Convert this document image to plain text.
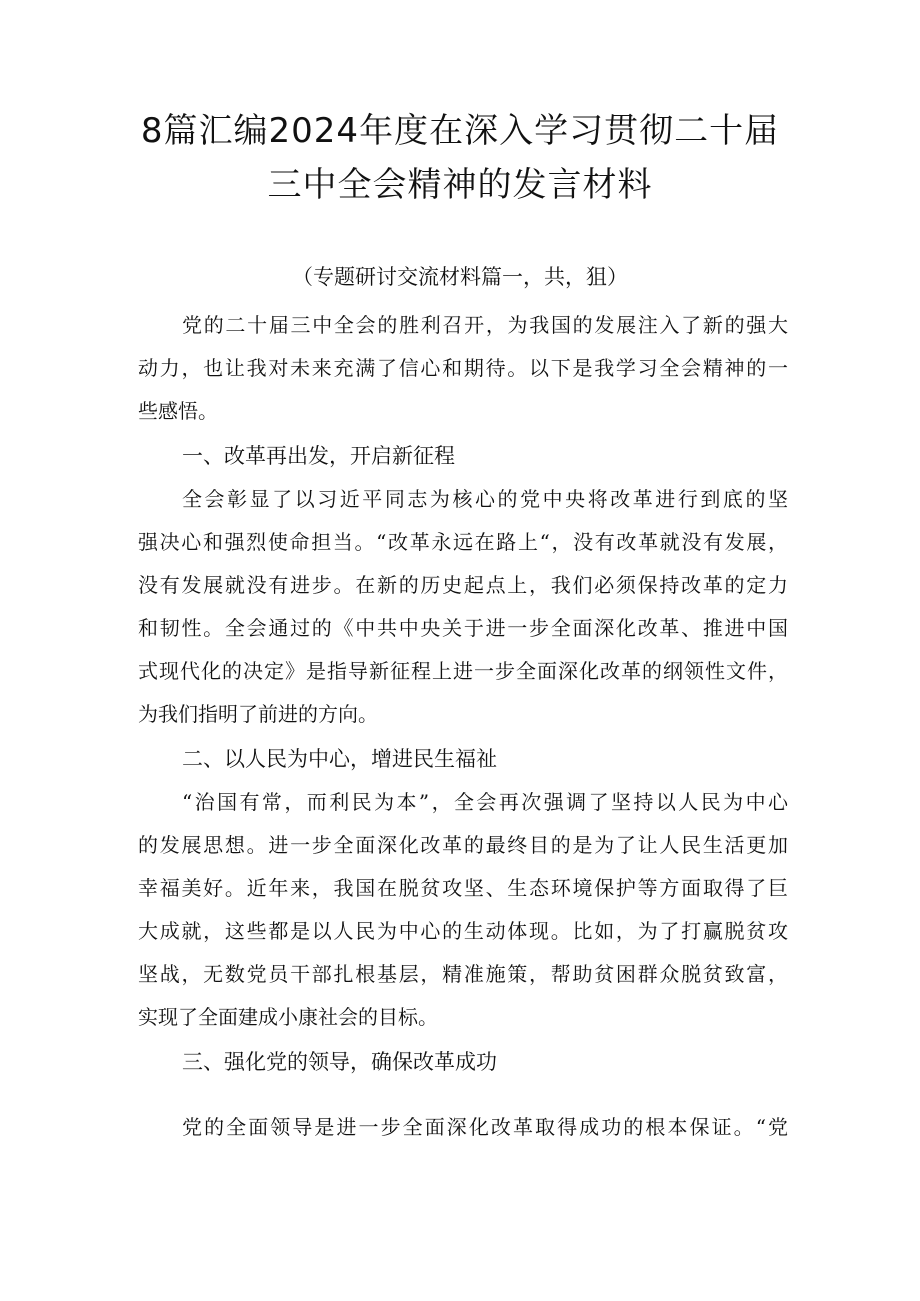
8篇汇编2024年度在深入学习贯彻二十届
三中全会精神的发言材料
（专题研讨交流材料篇一，共，狙）
党的二十届三中全会的胜利召开，为我国的发展注入了新的强大
动力，也让我对未来充满了信心和期待。以下是我学习全会精神的一
些感悟。
一、改革再出发，开启新征程
全会彰显了以习近平同志为核心的党中央将改革进行到底的坚
强决心和强烈使命担当。“改革永远在路上“，没有改革就没有发展，
没有发展就没有进步。在新的历史起点上，我们必须保持改革的定力
和韧性。全会通过的《中共中央关于进一步全面深化改革、推进中国
式现代化的决定》是指导新征程上进一步全面深化改革的纲领性文件，
为我们指明了前进的方向。
二、以人民为中心，增进民生福祉
“治国有常，而利民为本”，全会再次强调了坚持以人民为中心
的发展思想。进一步全面深化改革的最终目的是为了让人民生活更加
幸福美好。近年来，我国在脱贫攻坚、生态环境保护等方面取得了巨
大成就，这些都是以人民为中心的生动体现。比如，为了打赢脱贫攻
坚战，无数党员干部扎根基层，精准施策，帮助贫困群众脱贫致富，
实现了全面建成小康社会的目标。
三、强化党的领导，确保改革成功
党的全面领导是进一步全面深化改革取得成功的根本保证。“党
